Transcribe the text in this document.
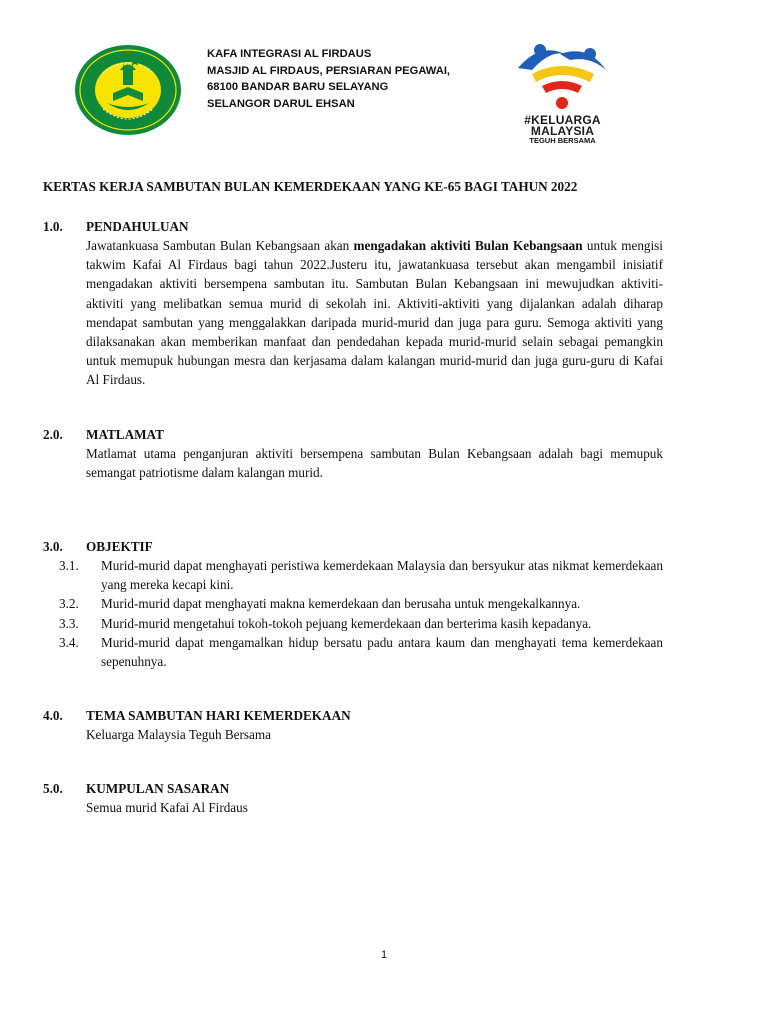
KAFA INTEGRASI AL FIRDAUS
MASJID AL FIRDAUS, PERSIARAN PEGAWAI,
68100 BANDAR BARU SELAYANG
SELANGOR DARUL EHSAN
#KELUARGA
MALAYSIA
TEGUH BERSAMA
KERTAS KERJA SAMBUTAN BULAN KEMERDEKAAN YANG KE-65 BAGI TAHUN 2022
1.0.	PENDAHULUAN
Jawatankuasa Sambutan Bulan Kebangsaan akan mengadakan aktiviti Bulan Kebangsaan untuk mengisi takwim Kafai Al Firdaus bagi tahun 2022.Justeru itu, jawatankuasa tersebut akan mengambil inisiatif mengadakan aktiviti bersempena sambutan itu. Sambutan Bulan Kebangsaan ini mewujudkan aktiviti-aktiviti yang melibatkan semua murid di sekolah ini. Aktiviti-aktiviti yang dijalankan adalah diharap mendapat sambutan yang menggalakkan daripada murid-murid dan juga para guru. Semoga aktiviti yang dilaksanakan akan memberikan manfaat dan pendedahan kepada murid-murid selain sebagai pemangkin untuk memupuk hubungan mesra dan kerjasama dalam kalangan murid-murid dan juga guru-guru di Kafai Al Firdaus.
2.0.	MATLAMAT
Matlamat utama penganjuran aktiviti bersempena sambutan Bulan Kebangsaan adalah bagi memupuk semangat patriotisme dalam kalangan murid.
3.0.	OBJEKTIF
3.1.	Murid-murid dapat menghayati peristiwa kemerdekaan Malaysia dan bersyukur atas nikmat kemerdekaan yang mereka kecapi kini.
3.2.	Murid-murid dapat menghayati makna kemerdekaan dan berusaha untuk mengekalkannya.
3.3.	Murid-murid mengetahui tokoh-tokoh pejuang kemerdekaan dan berterima kasih kepadanya.
3.4.	Murid-murid dapat mengamalkan hidup bersatu padu antara kaum dan menghayati tema kemerdekaan sepenuhnya.
4.0.	TEMA SAMBUTAN HARI KEMERDEKAAN
Keluarga Malaysia Teguh Bersama
5.0.	KUMPULAN SASARAN
Semua murid Kafai Al Firdaus
1
